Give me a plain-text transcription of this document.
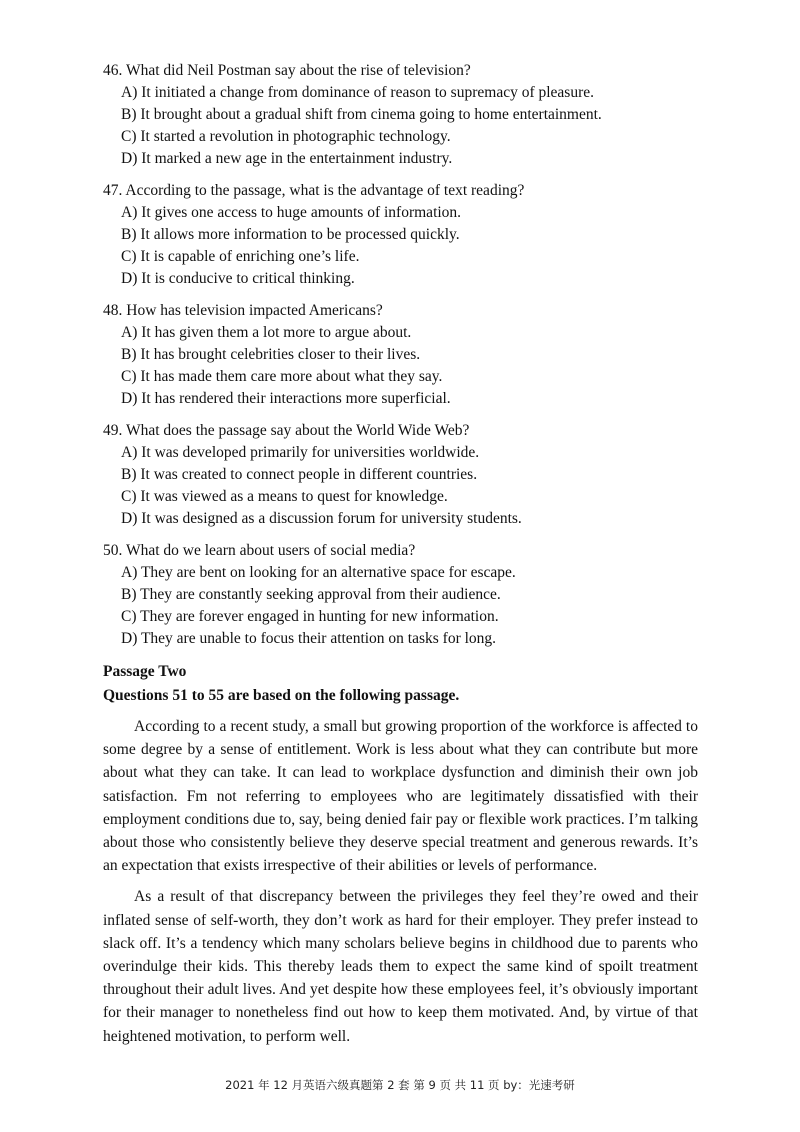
46. What did Neil Postman say about the rise of television?
A) It initiated a change from dominance of reason to supremacy of pleasure.
B) It brought about a gradual shift from cinema going to home entertainment.
C) It started a revolution in photographic technology.
D) It marked a new age in the entertainment industry.
47. According to the passage, what is the advantage of text reading?
A) It gives one access to huge amounts of information.
B) It allows more information to be processed quickly.
C) It is capable of enriching one’s life.
D) It is conducive to critical thinking.
48. How has television impacted Americans?
A) It has given them a lot more to argue about.
B) It has brought celebrities closer to their lives.
C) It has made them care more about what they say.
D) It has rendered their interactions more superficial.
49. What does the passage say about the World Wide Web?
A) It was developed primarily for universities worldwide.
B) It was created to connect people in different countries.
C) It was viewed as a means to quest for knowledge.
D) It was designed as a discussion forum for university students.
50. What do we learn about users of social media?
A) They are bent on looking for an alternative space for escape.
B) They are constantly seeking approval from their audience.
C) They are forever engaged in hunting for new information.
D) They are unable to focus their attention on tasks for long.
Passage Two
Questions 51 to 55 are based on the following passage.

According to a recent study, a small but growing proportion of the workforce is affected to some degree by a sense of entitlement. Work is less about what they can contribute but more about what they can take. It can lead to workplace dysfunction and diminish their own job satisfaction. Fm not referring to employees who are legitimately dissatisfied with their employment conditions due to, say, being denied fair pay or flexible work practices. I’m talking about those who consistently believe they deserve special treatment and generous rewards. It’s an expectation that exists irrespective of their abilities or levels of performance.

As a result of that discrepancy between the privileges they feel they’re owed and their inflated sense of self-worth, they don’t work as hard for their employer. They prefer instead to slack off. It’s a tendency which many scholars believe begins in childhood due to parents who overindulge their kids. This thereby leads them to expect the same kind of spoilt treatment throughout their adult lives. And yet despite how these employees feel, it’s obviously important for their manager to nonetheless find out how to keep them motivated. And, by virtue of that heightened motivation, to perform well.

2021 年 12 月英语六级真题第 2 套 第 9 页 共 11 页 by：光速考研
